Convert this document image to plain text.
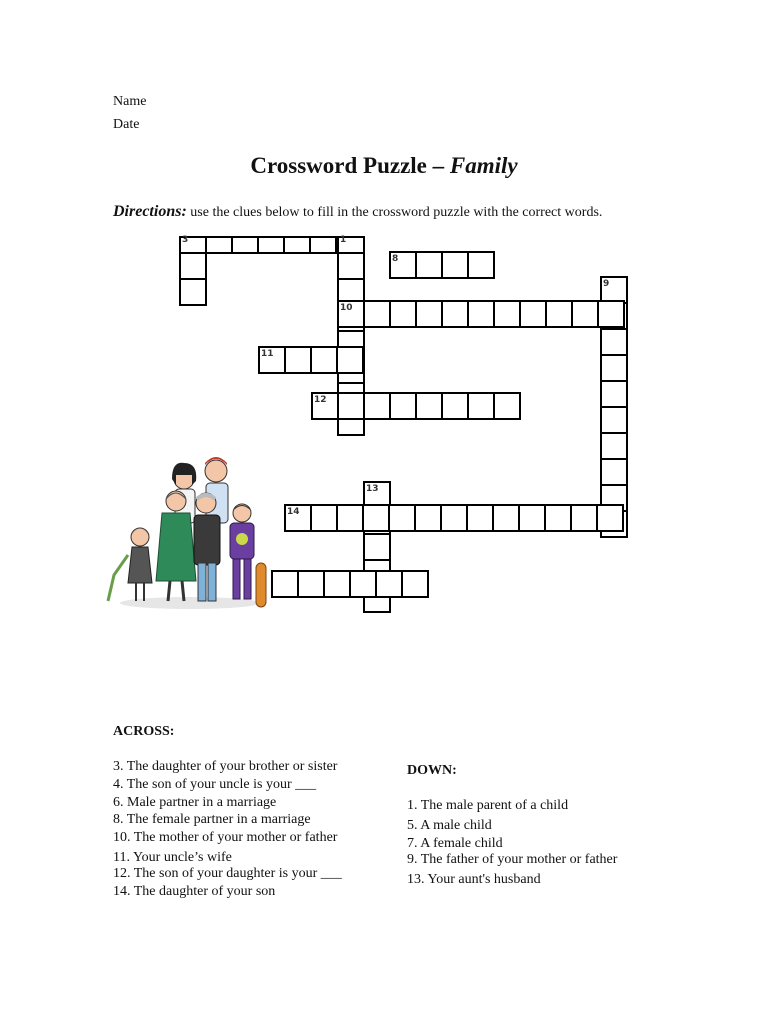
Name
Date
Crossword Puzzle – Family
Directions: use the clues below to fill in the crossword puzzle with the correct words.
3	1
8
9
10
11
12
13
14
ACROSS:
3. The daughter of your brother or sister
4. The son of your uncle is your ___
6. Male partner in a marriage
8. The female partner in a marriage
10. The mother of your mother or father
11. Your uncle’s wife
12. The son of your daughter is your ___
14. The daughter of your son
DOWN:
1. The male parent of a child
5. A male child
7. A female child
9. The father of your mother or father
13. Your aunt's husband
